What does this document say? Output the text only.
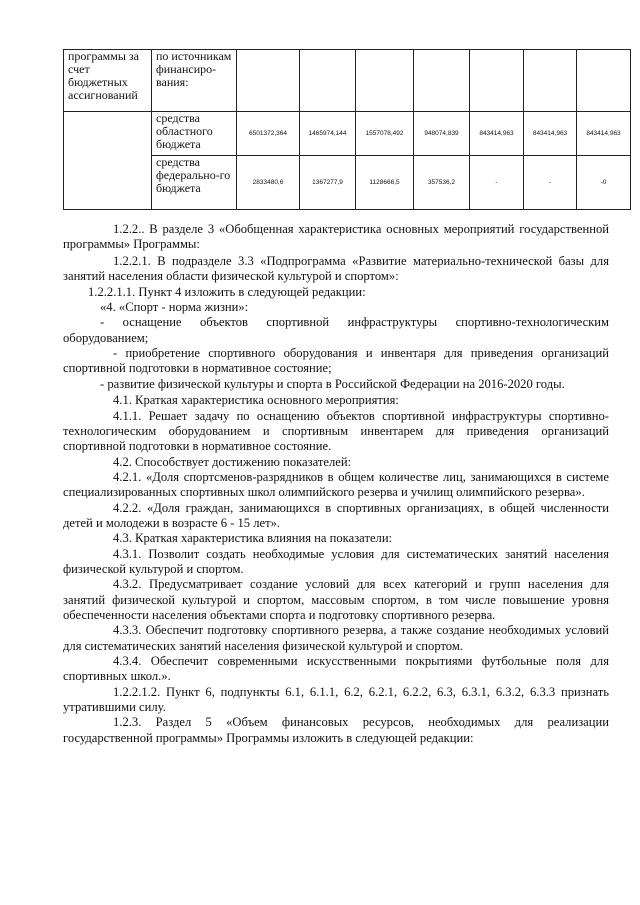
программы за счет бюджетных ассигнований	по источникам финансиро-вания:							
	средства областного бюджета	6501372,364	1465974,144	1557078,492	948074,839	843414,963	843414,963	843414,963
	средства федерально-го бюджета	2833480,6	1367277,9	1128666,5	357536,2	-	-	-0

1.2.2.. В разделе 3 «Обобщенная характеристика основных мероприятий государственной программы» Программы:

1.2.2.1. В подразделе 3.3 «Подпрограмма «Развитие материально-технической базы для занятий населения области физической культурой и спортом»:

1.2.2.1.1. Пункт 4 изложить в следующей редакции:

«4. «Спорт - норма жизни»:

- оснащение объектов спортивной инфраструктуры спортивно-технологическим оборудованием;

- приобретение спортивного оборудования и инвентаря для приведения организаций спортивной подготовки в нормативное состояние;

- развитие физической культуры и спорта в Российской Федерации на 2016-2020 годы.

4.1. Краткая характеристика основного мероприятия:

4.1.1. Решает задачу по оснащению объектов спортивной инфраструктуры спортивно-технологическим оборудованием и спортивным инвентарем для приведения организаций спортивной подготовки в нормативное состояние.

4.2. Способствует достижению показателей:

4.2.1. «Доля спортсменов-разрядников в общем количестве лиц, занимающихся в системе специализированных спортивных школ олимпийского резерва и училищ олимпийского резерва».

4.2.2. «Доля граждан, занимающихся в спортивных организациях, в общей численности детей и молодежи в возрасте 6 - 15 лет».

4.3. Краткая характеристика влияния на показатели:

4.3.1. Позволит создать необходимые условия для систематических занятий населения физической культурой и спортом.

4.3.2. Предусматривает создание условий для всех категорий и групп населения для занятий физической культурой и спортом, массовым спортом, в том числе повышение уровня обеспеченности населения объектами спорта и подготовку спортивного резерва.

4.3.3. Обеспечит подготовку спортивного резерва, а также создание необходимых условий для систематических занятий населения физической культурой и спортом.

4.3.4. Обеспечит современными искусственными покрытиями футбольные поля для спортивных школ.».

1.2.2.1.2. Пункт 6, подпункты 6.1, 6.1.1, 6.2, 6.2.1, 6.2.2, 6.3, 6.3.1, 6.3.2, 6.3.3 признать утратившими силу.

1.2.3. Раздел 5 «Объем финансовых ресурсов, необходимых для реализации государственной программы» Программы изложить в следующей редакции:
